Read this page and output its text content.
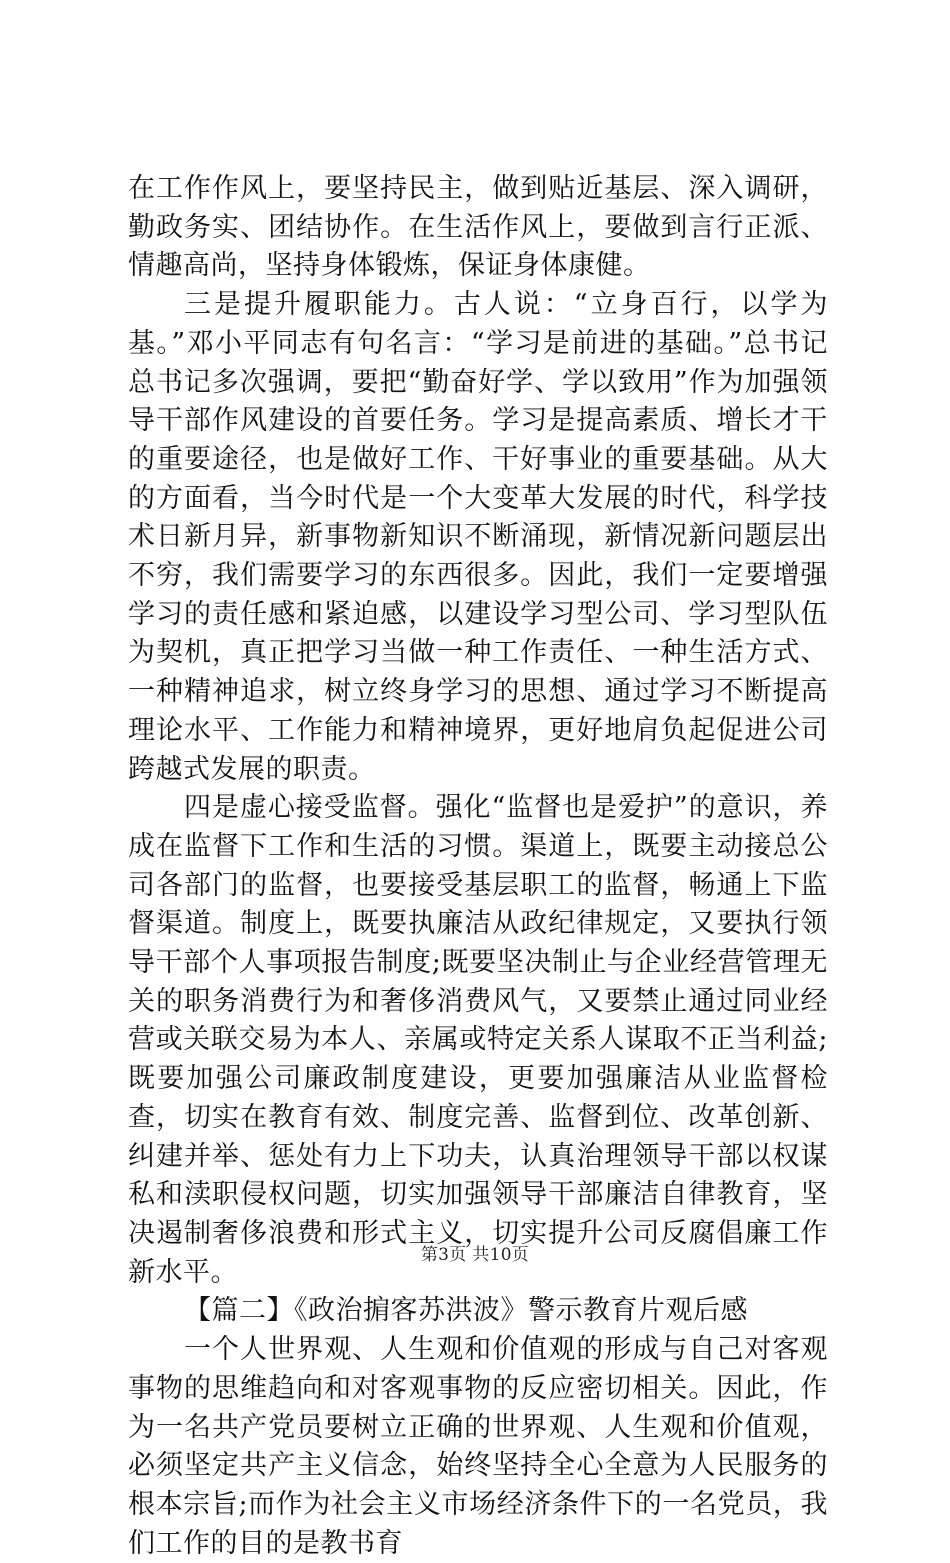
在工作作风上，要坚持民主，做到贴近基层、深入调研，勤政务实、团结协作。在生活作风上，要做到言行正派、情趣高尚，坚持身体锻炼，保证身体康健。

三是提升履职能力。古人说：“立身百行，以学为基。”邓小平同志有句名言：“学习是前进的基础。”总书记总书记多次强调，要把“勤奋好学、学以致用”作为加强领导干部作风建设的首要任务。学习是提高素质、增长才干的重要途径，也是做好工作、干好事业的重要基础。从大的方面看，当今时代是一个大变革大发展的时代，科学技术日新月异，新事物新知识不断涌现，新情况新问题层出不穷，我们需要学习的东西很多。因此，我们一定要增强学习的责任感和紧迫感，以建设学习型公司、学习型队伍为契机，真正把学习当做一种工作责任、一种生活方式、一种精神追求，树立终身学习的思想、通过学习不断提高理论水平、工作能力和精神境界，更好地肩负起促进公司跨越式发展的职责。

四是虚心接受监督。强化“监督也是爱护”的意识，养成在监督下工作和生活的习惯。渠道上，既要主动接总公司各部门的监督，也要接受基层职工的监督，畅通上下监督渠道。制度上，既要执廉洁从政纪律规定，又要执行领导干部个人事项报告制度;既要坚决制止与企业经营管理无关的职务消费行为和奢侈消费风气，又要禁止通过同业经营或关联交易为本人、亲属或特定关系人谋取不正当利益;既要加强公司廉政制度建设，更要加强廉洁从业监督检查，切实在教育有效、制度完善、监督到位、改革创新、纠建并举、惩处有力上下功夫，认真治理领导干部以权谋私和渎职侵权问题，切实加强领导干部廉洁自律教育，坚决遏制奢侈浪费和形式主义，切实提升公司反腐倡廉工作新水平。

【篇二】《政治掮客苏洪波》警示教育片观后感

一个人世界观、人生观和价值观的形成与自己对客观事物的思维趋向和对客观事物的反应密切相关。因此，作为一名共产党员要树立正确的世界观、人生观和价值观，必须坚定共产主义信念，始终坚持全心全意为人民服务的根本宗旨;而作为社会主义市场经济条件下的一名党员，我们工作的目的是教书育

第3页 共10页
